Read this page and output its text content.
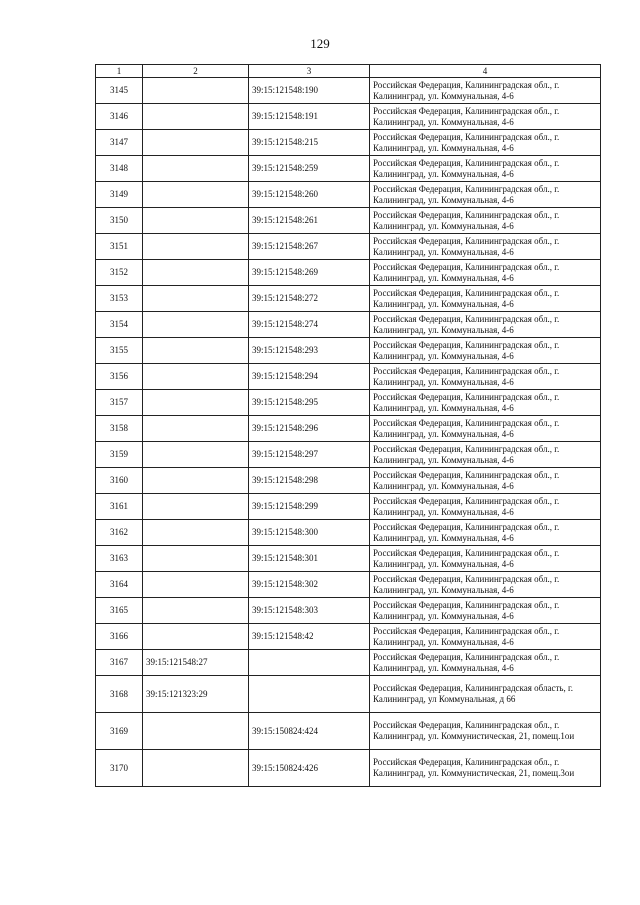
129
1	2	3	4
3145		39:15:121548:190	Российская Федерация, Калининградская обл., г. Калининград, ул. Коммунальная, 4-6
3146		39:15:121548:191	Российская Федерация, Калининградская обл., г. Калининград, ул. Коммунальная, 4-6
3147		39:15:121548:215	Российская Федерация, Калининградская обл., г. Калининград, ул. Коммунальная, 4-6
3148		39:15:121548:259	Российская Федерация, Калининградская обл., г. Калининград, ул. Коммунальная, 4-6
3149		39:15:121548:260	Российская Федерация, Калининградская обл., г. Калининград, ул. Коммунальная, 4-6
3150		39:15:121548:261	Российская Федерация, Калининградская обл., г. Калининград, ул. Коммунальная, 4-6
3151		39:15:121548:267	Российская Федерация, Калининградская обл., г. Калининград, ул. Коммунальная, 4-6
3152		39:15:121548:269	Российская Федерация, Калининградская обл., г. Калининград, ул. Коммунальная, 4-6
3153		39:15:121548:272	Российская Федерация, Калининградская обл., г. Калининград, ул. Коммунальная, 4-6
3154		39:15:121548:274	Российская Федерация, Калининградская обл., г. Калининград, ул. Коммунальная, 4-6
3155		39:15:121548:293	Российская Федерация, Калининградская обл., г. Калининград, ул. Коммунальная, 4-6
3156		39:15:121548:294	Российская Федерация, Калининградская обл., г. Калининград, ул. Коммунальная, 4-6
3157		39:15:121548:295	Российская Федерация, Калининградская обл., г. Калининград, ул. Коммунальная, 4-6
3158		39:15:121548:296	Российская Федерация, Калининградская обл., г. Калининград, ул. Коммунальная, 4-6
3159		39:15:121548:297	Российская Федерация, Калининградская обл., г. Калининград, ул. Коммунальная, 4-6
3160		39:15:121548:298	Российская Федерация, Калининградская обл., г. Калининград, ул. Коммунальная, 4-6
3161		39:15:121548:299	Российская Федерация, Калининградская обл., г. Калининград, ул. Коммунальная, 4-6
3162		39:15:121548:300	Российская Федерация, Калининградская обл., г. Калининград, ул. Коммунальная, 4-6
3163		39:15:121548:301	Российская Федерация, Калининградская обл., г. Калининград, ул. Коммунальная, 4-6
3164		39:15:121548:302	Российская Федерация, Калининградская обл., г. Калининград, ул. Коммунальная, 4-6
3165		39:15:121548:303	Российская Федерация, Калининградская обл., г. Калининград, ул. Коммунальная, 4-6
3166		39:15:121548:42	Российская Федерация, Калининградская обл., г. Калининград, ул. Коммунальная, 4-6
3167	39:15:121548:27		Российская Федерация, Калининградская обл., г. Калининград, ул. Коммунальная, 4-6
3168	39:15:121323:29		Российская Федерация, Калининградская область, г. Калининград, ул Коммунальная, д 66
3169		39:15:150824:424	Российская Федерация, Калининградская обл., г. Калининград, ул. Коммунистическая, 21, помещ.1ои
3170		39:15:150824:426	Российская Федерация, Калининградская обл., г. Калининград, ул. Коммунистическая, 21, помещ.3ои
